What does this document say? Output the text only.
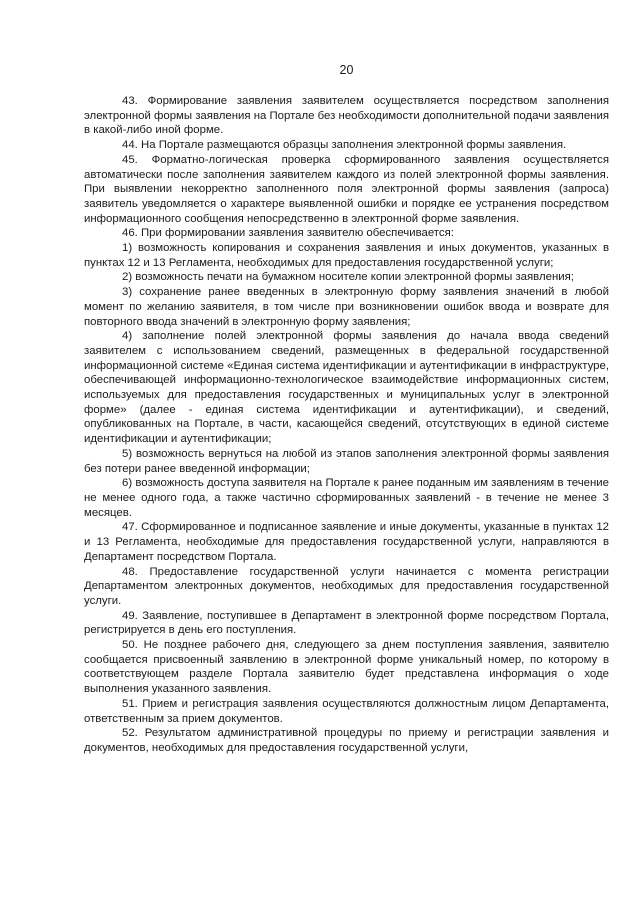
20

43. Формирование заявления заявителем осуществляется посредством заполнения электронной формы заявления на Портале без необходимости дополнительной подачи заявления в какой-либо иной форме.

44. На Портале размещаются образцы заполнения электронной формы заявления.

45. Форматно-логическая проверка сформированного заявления осуществляется автоматически после заполнения заявителем каждого из полей электронной формы заявления. При выявлении некорректно заполненного поля электронной формы заявления (запроса) заявитель уведомляется о характере выявленной ошибки и порядке ее устранения посредством информационного сообщения непосредственно в электронной форме заявления.

46. При формировании заявления заявителю обеспечивается:

1) возможность копирования и сохранения заявления и иных документов, указанных в пунктах 12 и 13 Регламента, необходимых для предоставления государственной услуги;

2) возможность печати на бумажном носителе копии электронной формы заявления;

3) сохранение ранее введенных в электронную форму заявления значений в любой момент по желанию заявителя, в том числе при возникновении ошибок ввода и возврате для повторного ввода значений в электронную форму заявления;

4) заполнение полей электронной формы заявления до начала ввода сведений заявителем с использованием сведений, размещенных в федеральной государственной информационной системе «Единая система идентификации и аутентификации в инфраструктуре, обеспечивающей информационно-технологическое взаимодействие информационных систем, используемых для предоставления государственных и муниципальных услуг в электронной форме» (далее - единая система идентификации и аутентификации), и сведений, опубликованных на Портале, в части, касающейся сведений, отсутствующих в единой системе идентификации и аутентификации;

5) возможность вернуться на любой из этапов заполнения электронной формы заявления без потери ранее введенной информации;

6) возможность доступа заявителя на Портале к ранее поданным им заявлениям в течение не менее одного года, а также частично сформированных заявлений - в течение не менее 3 месяцев.

47. Сформированное и подписанное заявление и иные документы, указанные в пунктах 12 и 13 Регламента, необходимые для предоставления государственной услуги, направляются в Департамент посредством Портала.

48. Предоставление государственной услуги начинается с момента регистрации Департаментом электронных документов, необходимых для предоставления государственной услуги.

49. Заявление, поступившее в Департамент в электронной форме посредством Портала, регистрируется в день его поступления.

50. Не позднее рабочего дня, следующего за днем поступления заявления, заявителю сообщается присвоенный заявлению в электронной форме уникальный номер, по которому в соответствующем разделе Портала заявителю будет представлена информация о ходе выполнения указанного заявления.

51. Прием и регистрация заявления осуществляются должностным лицом Департамента, ответственным за прием документов.

52. Результатом административной процедуры по приему и регистрации заявления и документов, необходимых для предоставления государственной услуги,
